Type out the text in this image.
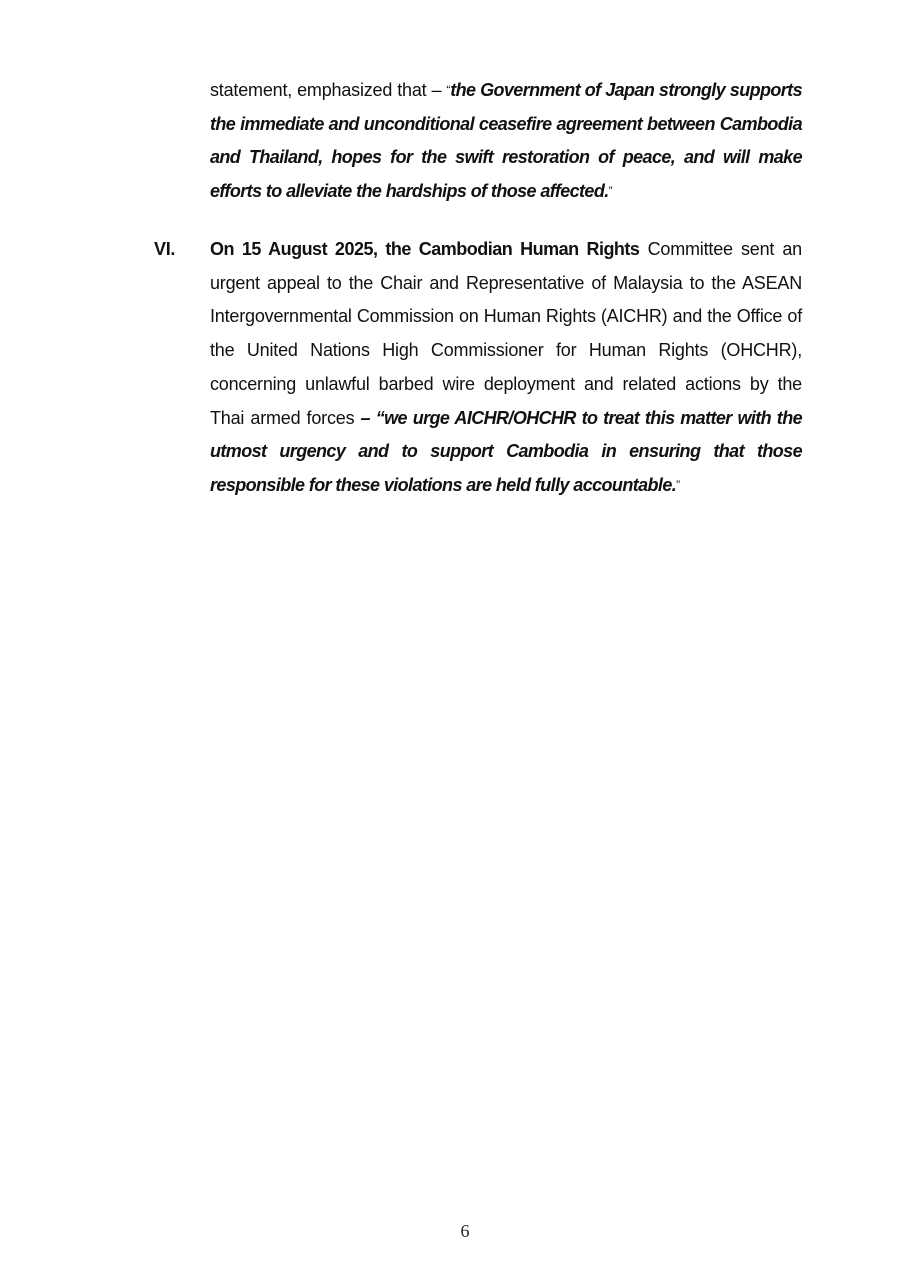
statement, emphasized that – “the Government of Japan strongly supports the immediate and unconditional ceasefire agreement between Cambodia and Thailand, hopes for the swift restoration of peace, and will make efforts to alleviate the hardships of those affected.”

VI. On 15 August 2025, the Cambodian Human Rights Committee sent an urgent appeal to the Chair and Representative of Malaysia to the ASEAN Intergovernmental Commission on Human Rights (AICHR) and the Office of the United Nations High Commissioner for Human Rights (OHCHR), concerning unlawful barbed wire deployment and related actions by the Thai armed forces – “we urge AICHR/OHCHR to treat this matter with the utmost urgency and to support Cambodia in ensuring that those responsible for these violations are held fully accountable.”

6
